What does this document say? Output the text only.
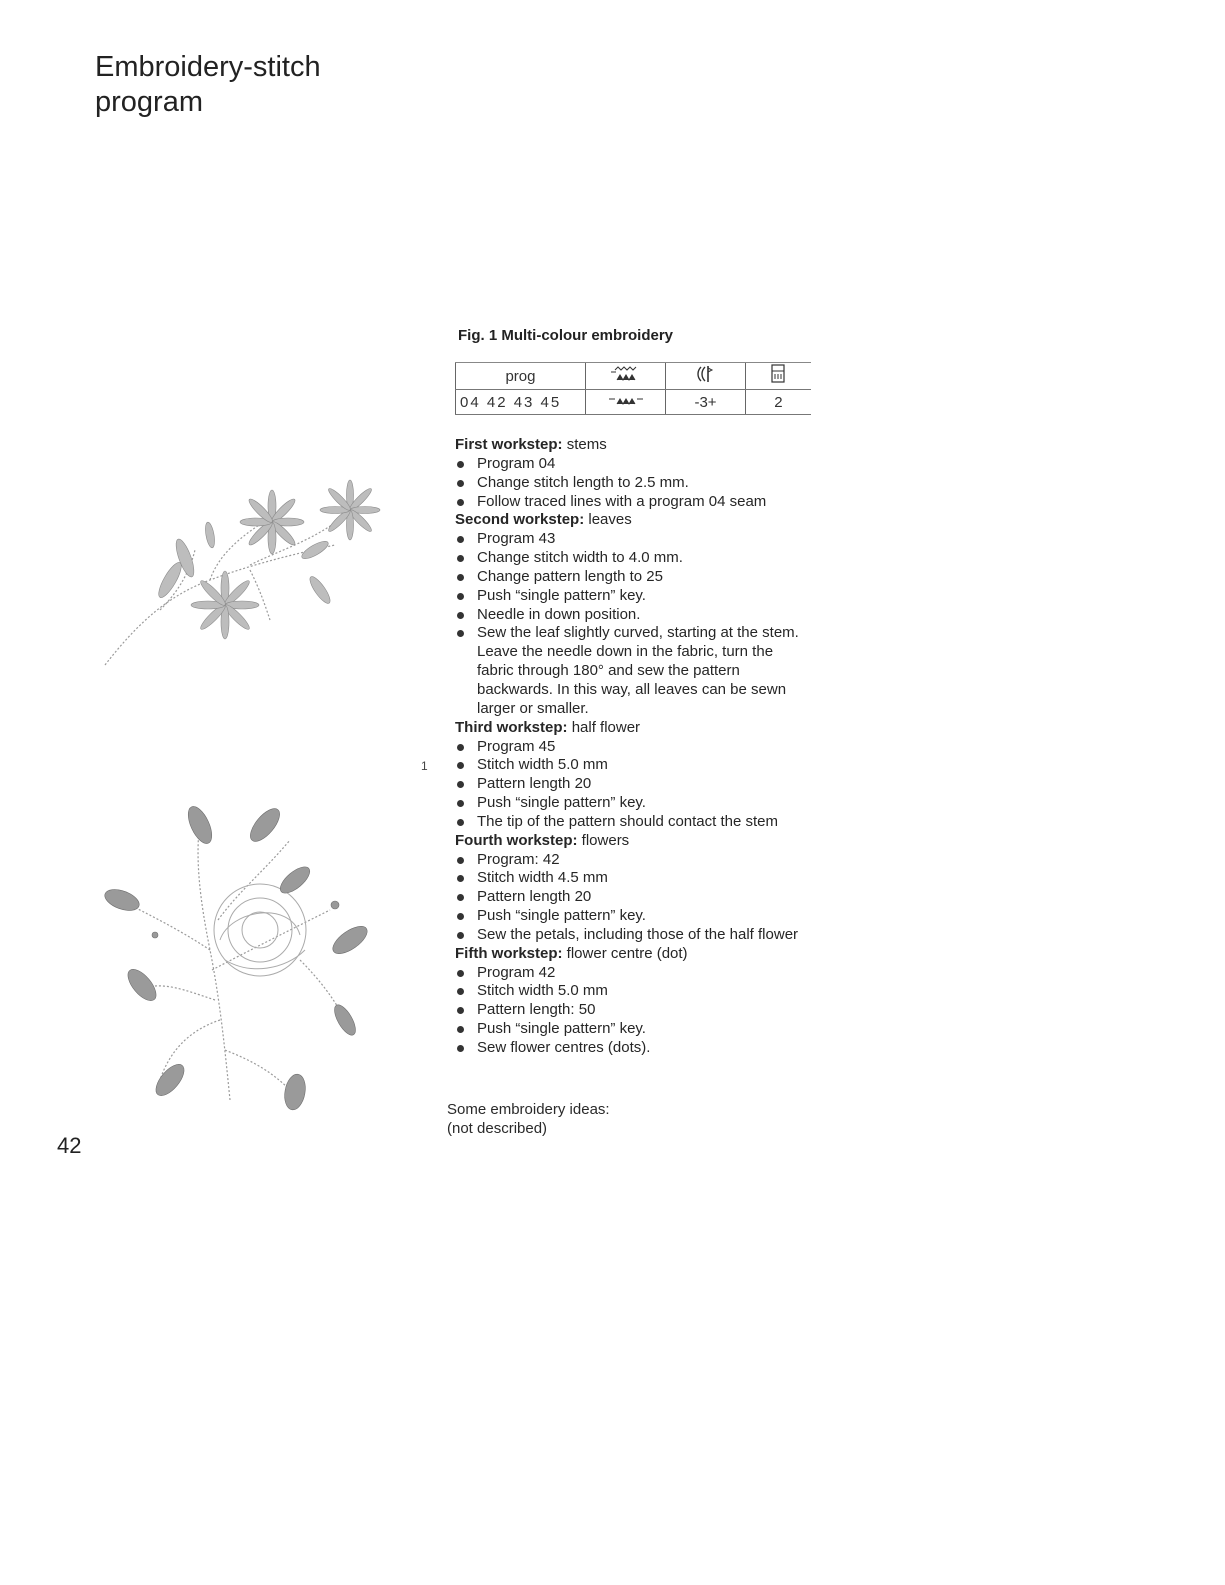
Embroidery-stitch
program

Fig. 1 Multi-colour embroidery

prog			
04 42 43 45		-3+	2

First workstep: stems

Program 04
Change stitch length to 2.5 mm.
Follow traced lines with a program 04 seam

Second workstep: leaves

Program 43
Change stitch width to 4.0 mm.
Change pattern length to 25
Push “single pattern” key.
Needle in down position.
Sew the leaf slightly curved, starting at the stem. Leave the needle down in the fabric, turn the fabric through 180° and sew the pattern backwards. In this way, all leaves can be sewn larger or smaller.

Third workstep: half flower

Program 45
Stitch width 5.0 mm
Pattern length 20
Push “single pattern” key.
The tip of the pattern should contact the stem

Fourth workstep: flowers

Program: 42
Stitch width 4.5 mm
Pattern length 20
Push “single pattern” key.
Sew the petals, including those of the half flower

Fifth workstep: flower centre (dot)

Program 42
Stitch width 5.0 mm
Pattern length: 50
Push “single pattern” key.
Sew flower centres (dots).
1
Some embroidery ideas:
(not described)
42
